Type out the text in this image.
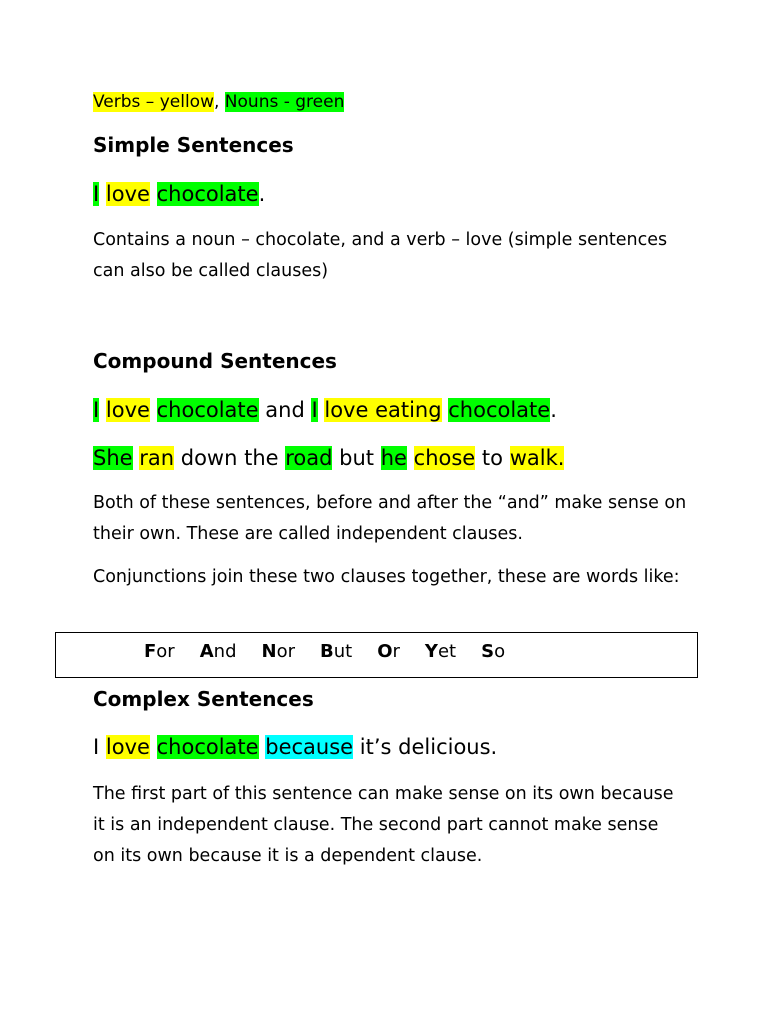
Verbs – yellow, Nouns - green
Simple Sentences
I love chocolate.
Contains a noun – chocolate, and a verb – love (simple sentences can also be called clauses)
Compound Sentences
I love chocolate and I love eating chocolate.
She ran down the road but he chose to walk.
Both of these sentences, before and after the “and” make sense on their own. These are called independent clauses.
Conjunctions join these two clauses together, these are words like:
For And Nor But Or Yet So
Complex Sentences
I love chocolate because it’s delicious.
The first part of this sentence can make sense on its own because it is an independent clause. The second part cannot make sense on its own because it is a dependent clause.
